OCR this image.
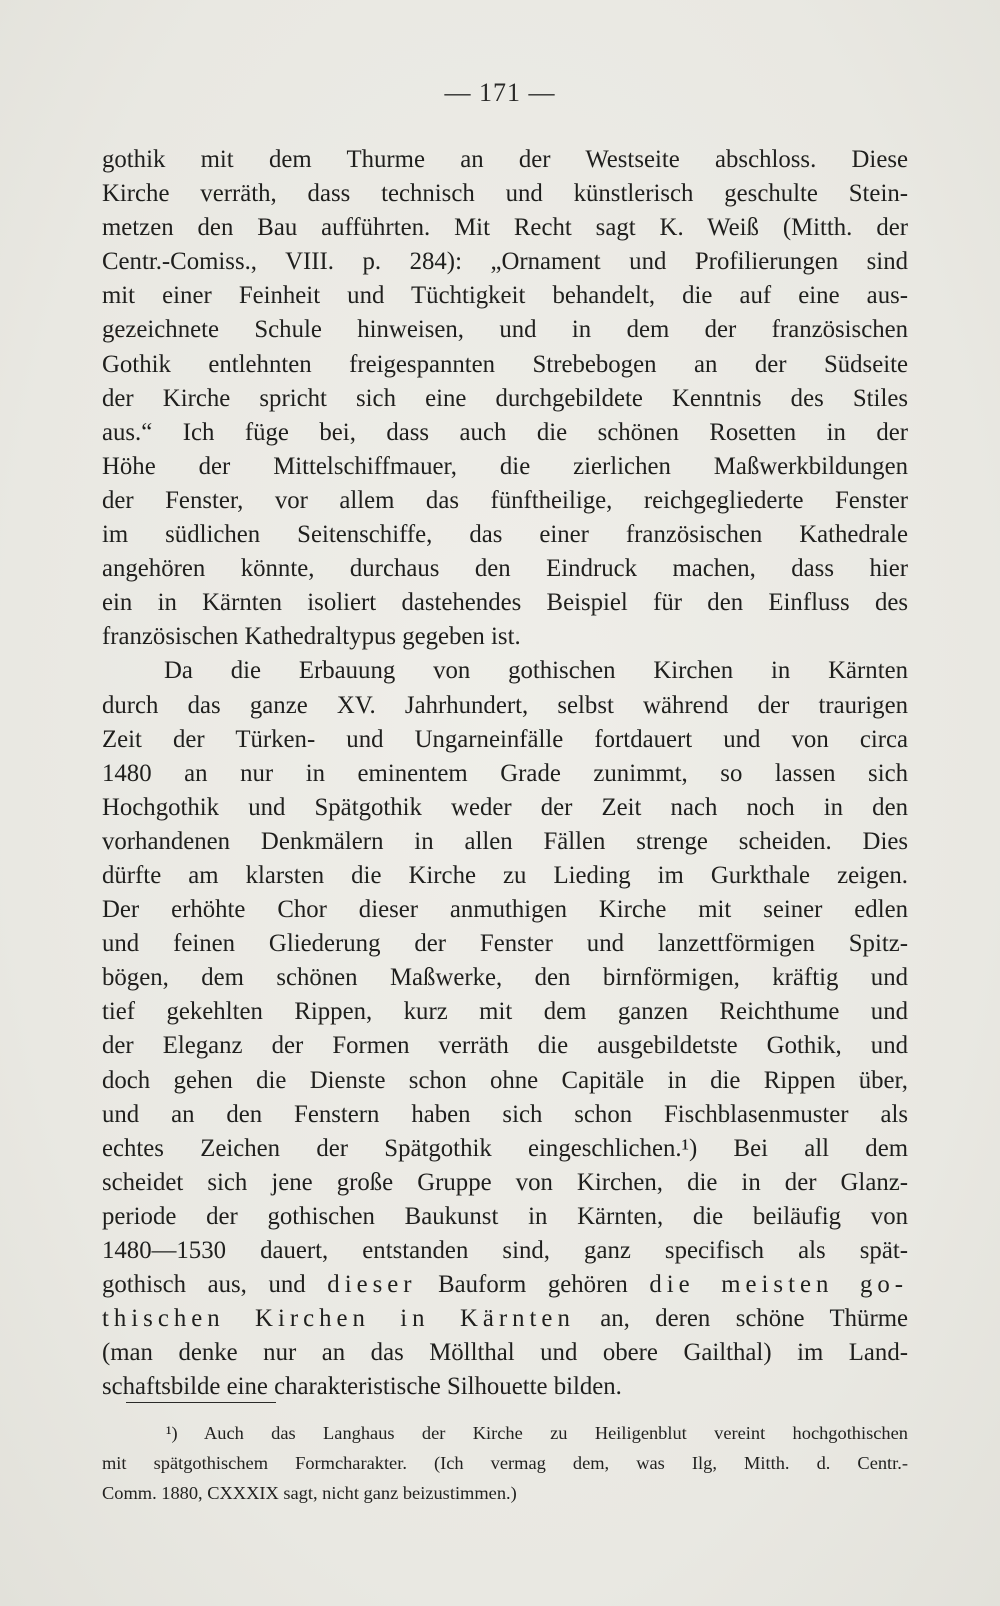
— 171 —
gothik mit dem Thurme an der Westseite abschloss. Diese
Kirche verräth, dass technisch und künstlerisch geschulte Stein-
metzen den Bau aufführten. Mit Recht sagt K. Weiß (Mitth. der
Centr.-Comiss., VIII. p. 284): „Ornament und Profilierungen sind
mit einer Feinheit und Tüchtigkeit behandelt, die auf eine aus-
gezeichnete Schule hinweisen, und in dem der französischen
Gothik entlehnten freigespannten Strebebogen an der Südseite
der Kirche spricht sich eine durchgebildete Kenntnis des Stiles
aus.“ Ich füge bei, dass auch die schönen Rosetten in der
Höhe der Mittelschiffmauer, die zierlichen Maßwerkbildungen
der Fenster, vor allem das fünftheilige, reichgegliederte Fenster
im südlichen Seitenschiffe, das einer französischen Kathedrale
angehören könnte, durchaus den Eindruck machen, dass hier
ein in Kärnten isoliert dastehendes Beispiel für den Einfluss des
französischen Kathedraltypus gegeben ist.
Da die Erbauung von gothischen Kirchen in Kärnten
durch das ganze XV. Jahrhundert, selbst während der traurigen
Zeit der Türken- und Ungarneinfälle fortdauert und von circa
1480 an nur in eminentem Grade zunimmt, so lassen sich
Hochgothik und Spätgothik weder der Zeit nach noch in den
vorhandenen Denkmälern in allen Fällen strenge scheiden. Dies
dürfte am klarsten die Kirche zu Lieding im Gurkthale zeigen.
Der erhöhte Chor dieser anmuthigen Kirche mit seiner edlen
und feinen Gliederung der Fenster und lanzettförmigen Spitz-
bögen, dem schönen Maßwerke, den birnförmigen, kräftig und
tief gekehlten Rippen, kurz mit dem ganzen Reichthume und
der Eleganz der Formen verräth die ausgebildetste Gothik, und
doch gehen die Dienste schon ohne Capitäle in die Rippen über,
und an den Fenstern haben sich schon Fischblasenmuster als
echtes Zeichen der Spätgothik eingeschlichen.¹) Bei all dem
scheidet sich jene große Gruppe von Kirchen, die in der Glanz-
periode der gothischen Baukunst in Kärnten, die beiläufig von
1480—1530 dauert, entstanden sind, ganz specifisch als spät-
gothisch aus, und dieser Bauform gehören die meisten go-
thischen Kirchen in Kärnten an, deren schöne Thürme
(man denke nur an das Möllthal und obere Gailthal) im Land-
schaftsbilde eine charakteristische Silhouette bilden.
¹) Auch das Langhaus der Kirche zu Heiligenblut vereint hochgothischen
mit spätgothischem Formcharakter. (Ich vermag dem, was Ilg, Mitth. d. Centr.-
Comm. 1880, CXXXIX sagt, nicht ganz beizustimmen.)
